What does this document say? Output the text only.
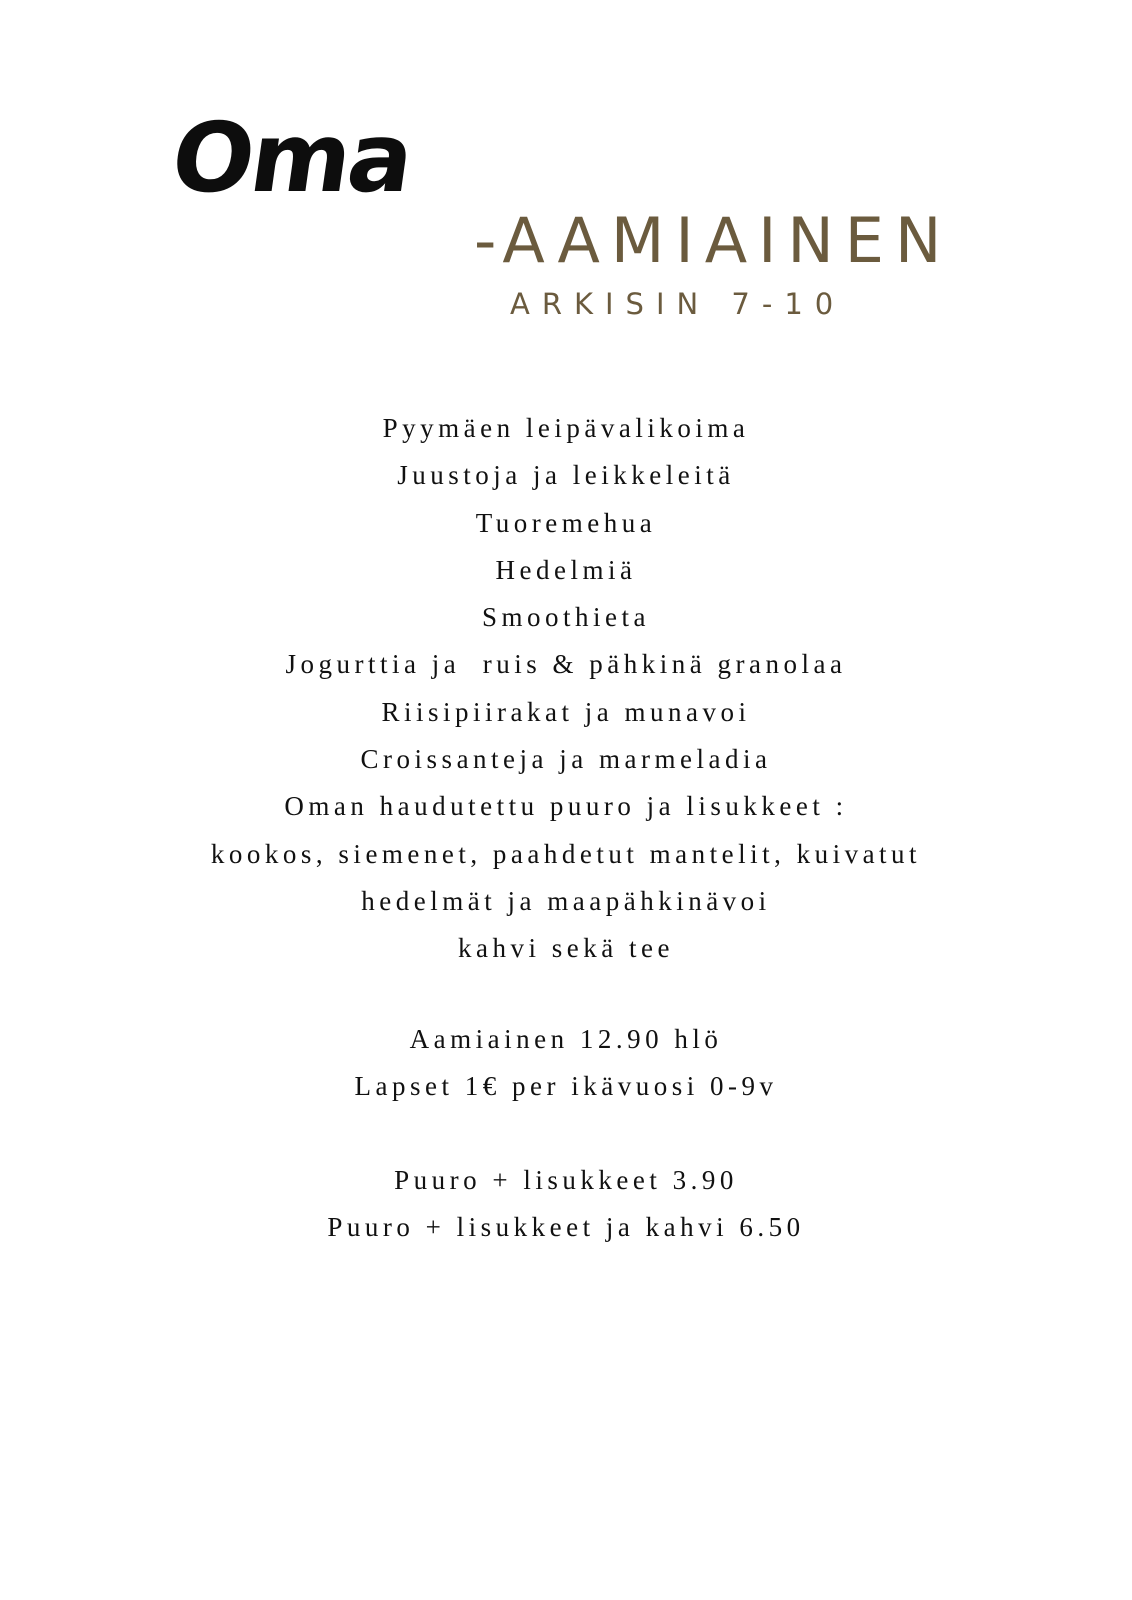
Oma
-AAMIAINEN
ARKISIN 7-10
Pyymäen leipävalikoima
Juustoja ja leikkeleitä
Tuoremehua
Hedelmiä
Smoothieta
Jogurttia ja  ruis & pähkinä granolaa
Riisipiirakat ja munavoi
Croissanteja ja marmeladia
Oman haudutettu puuro ja lisukkeet :
kookos, siemenet, paahdetut mantelit, kuivatut
hedelmät ja maapähkinävoi
kahvi sekä tee
Aamiainen 12.90 hlö
Lapset 1€ per ikävuosi 0-9v
Puuro + lisukkeet 3.90
Puuro + lisukkeet ja kahvi 6.50
